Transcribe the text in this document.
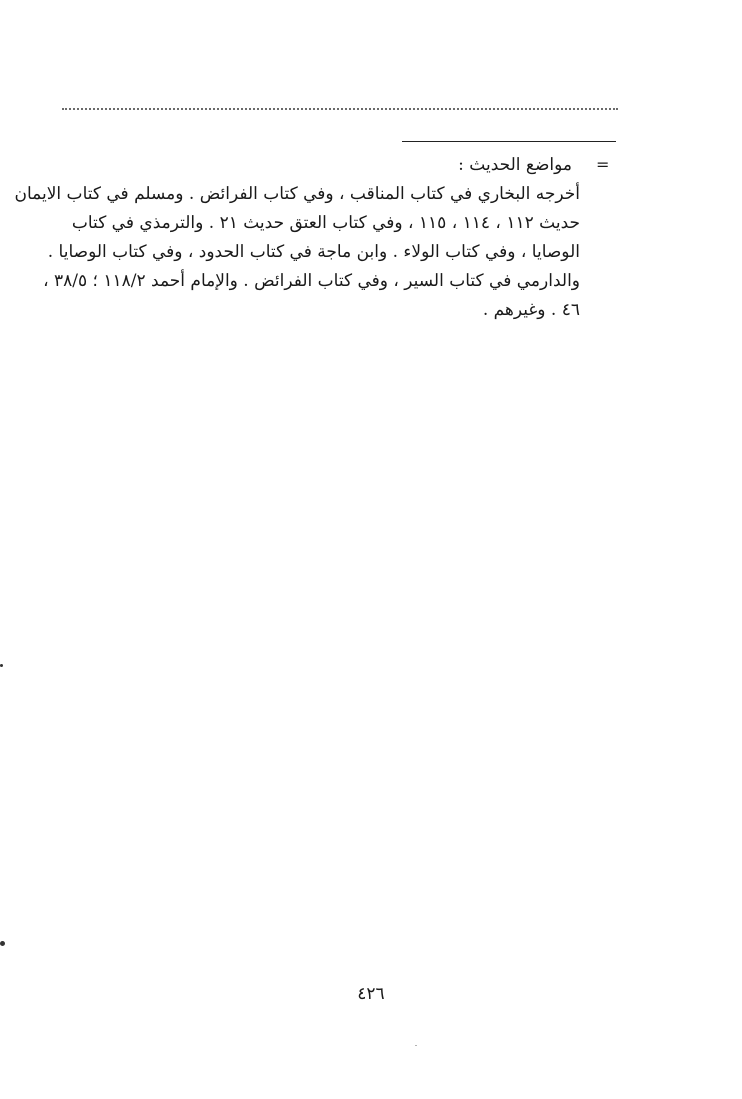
=

مواضع الحديث :

أخرجه البخاري في كتاب المناقب ، وفي كتاب الفرائض . ومسلم في كتاب الايمان

حديث ١١٢ ، ١١٤ ، ١١٥ ، وفي كتاب العتق حديث ٢١ . والترمذي في كتاب

الوصايا ، وفي كتاب الولاء . وابن ماجة في كتاب الحدود ، وفي كتاب الوصايا .

والدارمي في كتاب السير ، وفي كتاب الفرائض . والإمام أحمد ١١٨/٢ ؛ ٣٨/٥ ،

٤٦ . وغيرهم .

٤٢٦
